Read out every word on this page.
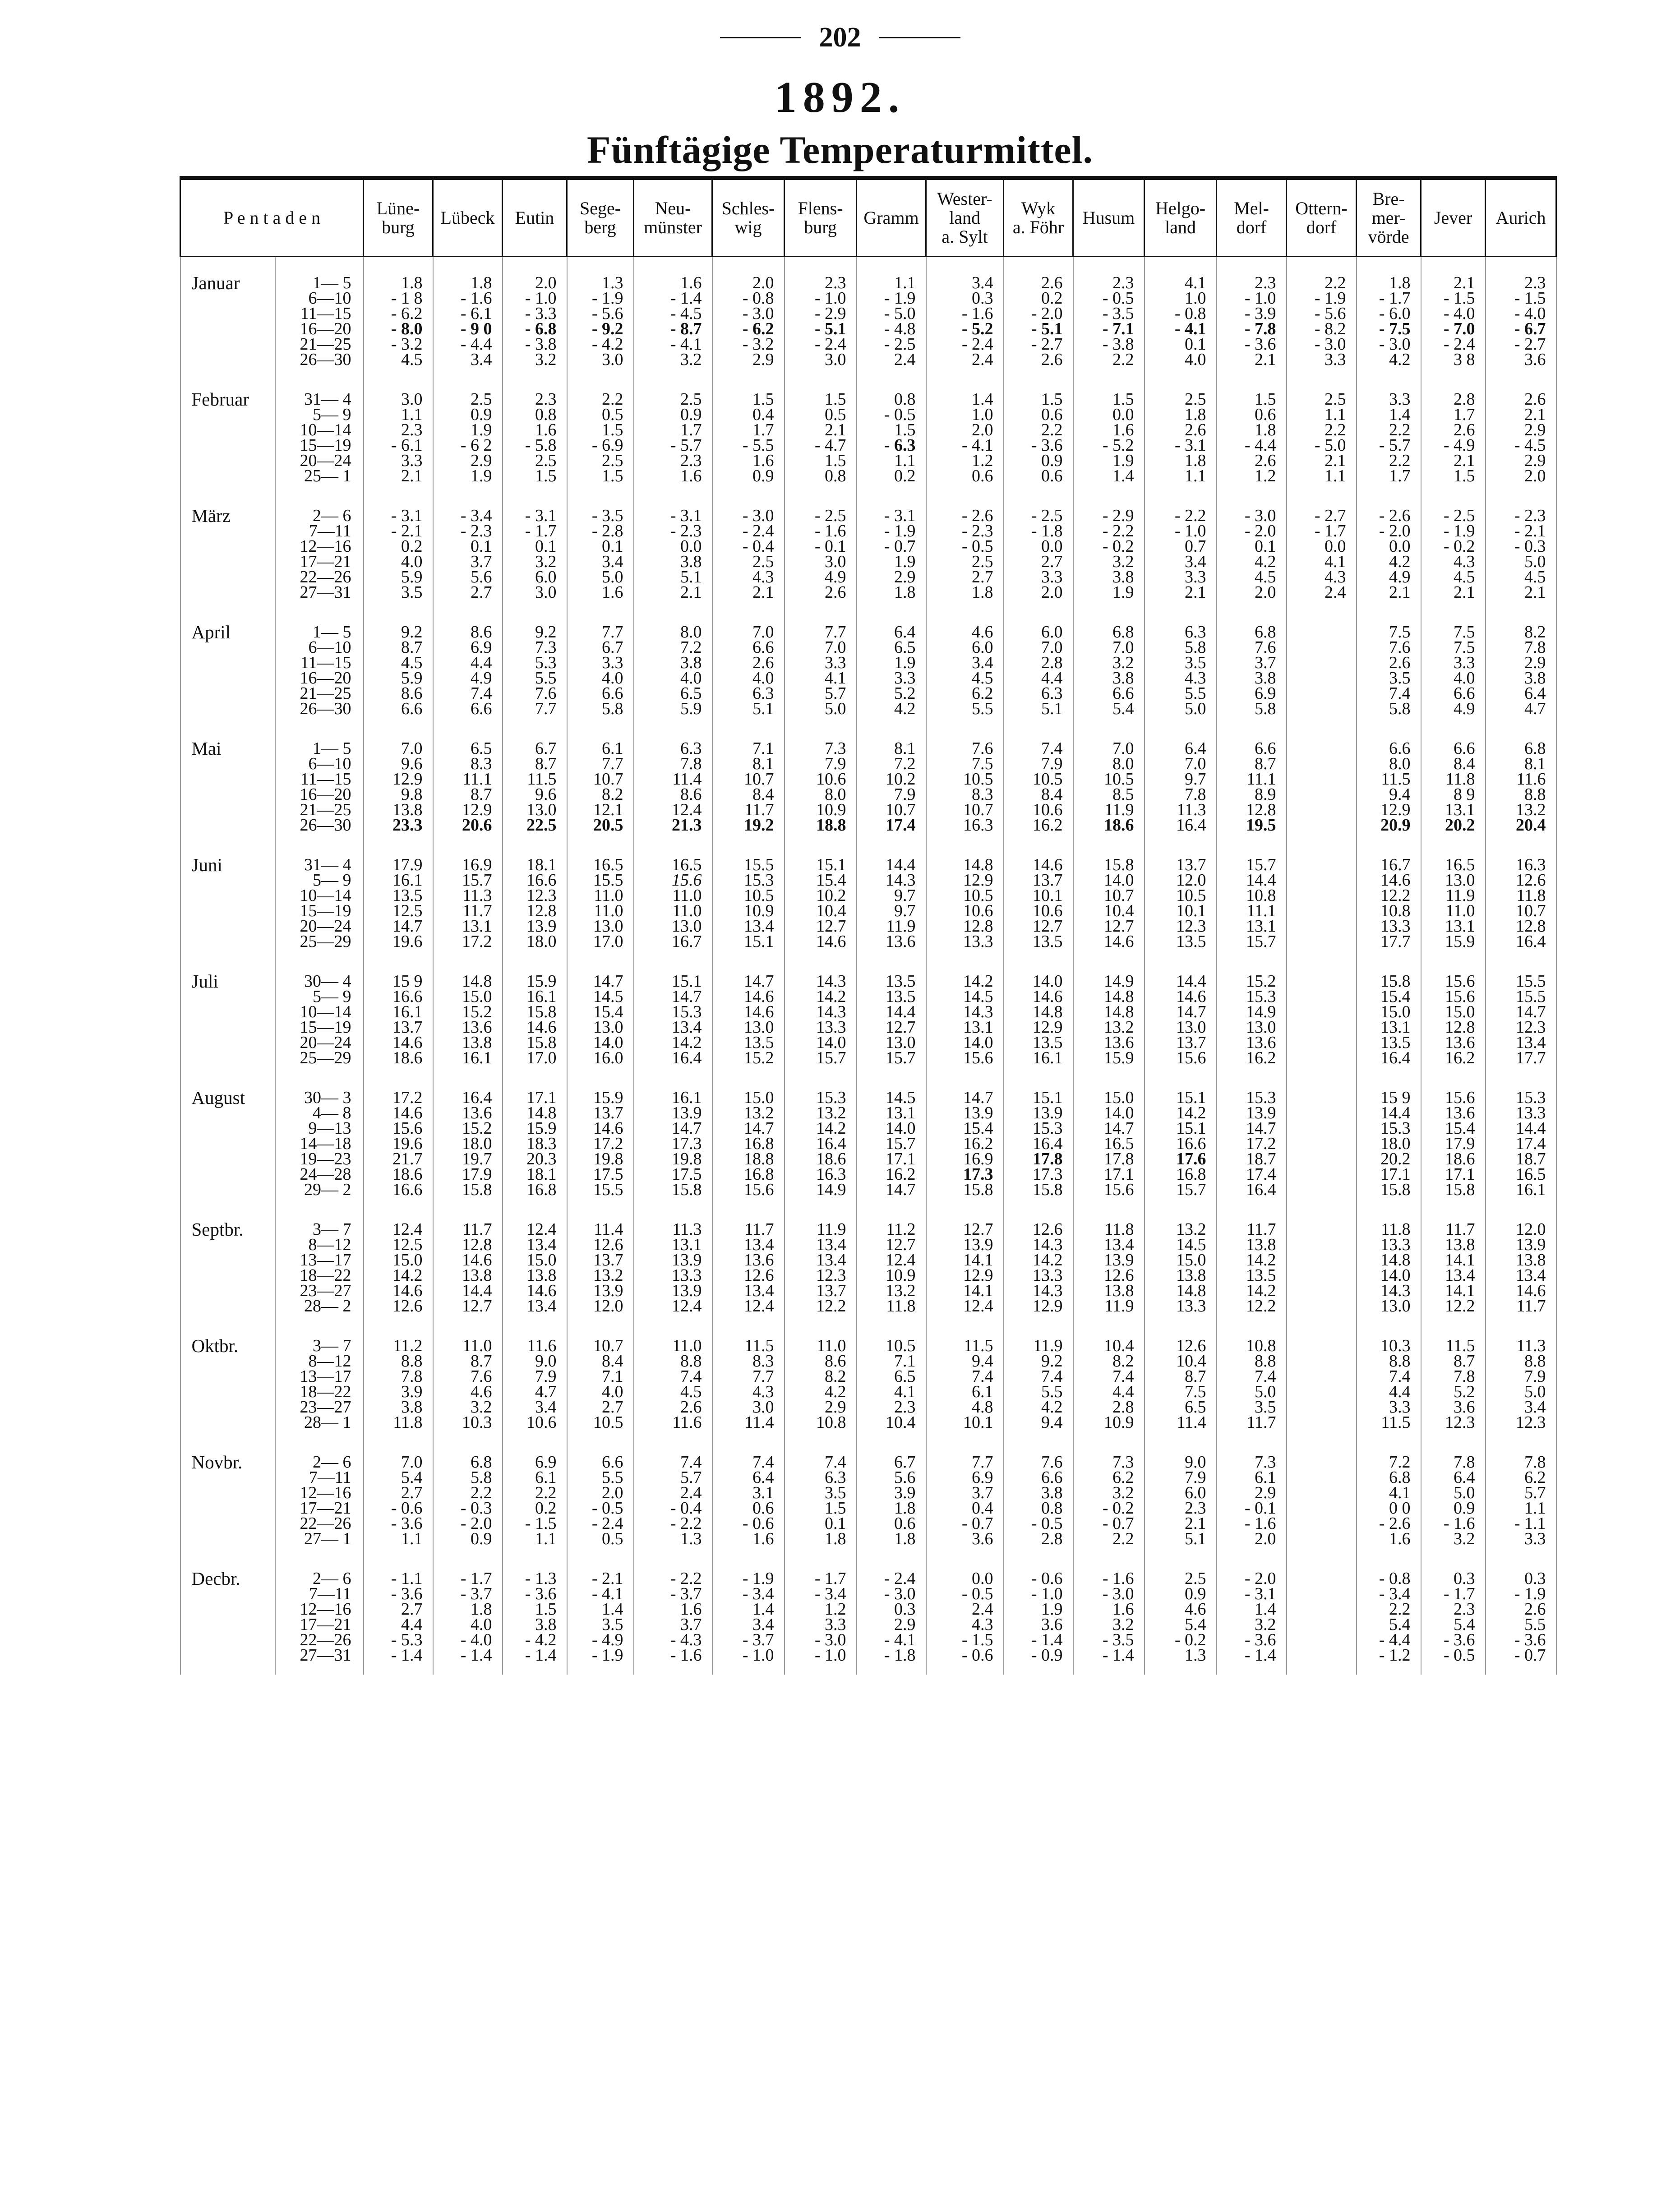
202
1892.
Fünftägige Temperaturmittel.
P e n t a d e n		Lüne-
burg	Lübeck	Eutin	Sege-
berg	Neu-
münster	Schles-
wig	Flens-
burg	Gramm	Wester-
land
a. Sylt	Wyk
a. Föhr	Husum	Helgo-
land	Mel-
dorf	Ottern-
dorf	Bre-
mer-
vörde	Jever	Aurich
Januar	1— 5	1.8	1.8	2.0	1.3	1.6	2.0	2.3	1.1	3.4	2.6	2.3	4.1	2.3	2.2	1.8	2.1	2.3
	6—10	- 1 8	- 1.6	- 1.0	- 1.9	- 1.4	- 0.8	- 1.0	- 1.9	0.3	0.2	- 0.5	1.0	- 1.0	- 1.9	- 1.7	- 1.5	- 1.5
	11—15	- 6.2	- 6.1	- 3.3	- 5.6	- 4.5	- 3.0	- 2.9	- 5.0	- 1.6	- 2.0	- 3.5	- 0.8	- 3.9	- 5.6	- 6.0	- 4.0	- 4.0
	16—20	- 8.0	- 9 0	- 6.8	- 9.2	- 8.7	- 6.2	- 5.1	- 4.8	- 5.2	- 5.1	- 7.1	- 4.1	- 7.8	- 8.2	- 7.5	- 7.0	- 6.7
	21—25	- 3.2	- 4.4	- 3.8	- 4.2	- 4.1	- 3.2	- 2.4	- 2.5	- 2.4	- 2.7	- 3.8	0.1	- 3.6	- 3.0	- 3.0	- 2.4	- 2.7
	26—30	4.5	3.4	3.2	3.0	3.2	2.9	3.0	2.4	2.4	2.6	2.2	4.0	2.1	3.3	4.2	3 8	3.6
Februar	31— 4	3.0	2.5	2.3	2.2	2.5	1.5	1.5	0.8	1.4	1.5	1.5	2.5	1.5	2.5	3.3	2.8	2.6
	5— 9	1.1	0.9	0.8	0.5	0.9	0.4	0.5	- 0.5	1.0	0.6	0.0	1.8	0.6	1.1	1.4	1.7	2.1
	10—14	2.3	1.9	1.6	1.5	1.7	1.7	2.1	1.5	2.0	2.2	1.6	2.6	1.8	2.2	2.2	2.6	2.9
	15—19	- 6.1	- 6 2	- 5.8	- 6.9	- 5.7	- 5.5	- 4.7	- 6.3	- 4.1	- 3.6	- 5.2	- 3.1	- 4.4	- 5.0	- 5.7	- 4.9	- 4.5
	20—24	3.3	2.9	2.5	2.5	2.3	1.6	1.5	1.1	1.2	0.9	1.9	1.8	2.6	2.1	2.2	2.1	2.9
	25— 1	2.1	1.9	1.5	1.5	1.6	0.9	0.8	0.2	0.6	0.6	1.4	1.1	1.2	1.1	1.7	1.5	2.0
März	2— 6	- 3.1	- 3.4	- 3.1	- 3.5	- 3.1	- 3.0	- 2.5	- 3.1	- 2.6	- 2.5	- 2.9	- 2.2	- 3.0	- 2.7	- 2.6	- 2.5	- 2.3
	7—11	- 2.1	- 2.3	- 1.7	- 2.8	- 2.3	- 2.4	- 1.6	- 1.9	- 2.3	- 1.8	- 2.2	- 1.0	- 2.0	- 1.7	- 2.0	- 1.9	- 2.1
	12—16	0.2	0.1	0.1	0.1	0.0	- 0.4	- 0.1	- 0.7	- 0.5	0.0	- 0.2	0.7	0.1	0.0	0.0	- 0.2	- 0.3
	17—21	4.0	3.7	3.2	3.4	3.8	2.5	3.0	1.9	2.5	2.7	3.2	3.4	4.2	4.1	4.2	4.3	5.0
	22—26	5.9	5.6	6.0	5.0	5.1	4.3	4.9	2.9	2.7	3.3	3.8	3.3	4.5	4.3	4.9	4.5	4.5
	27—31	3.5	2.7	3.0	1.6	2.1	2.1	2.6	1.8	1.8	2.0	1.9	2.1	2.0	2.4	2.1	2.1	2.1
April	1— 5	9.2	8.6	9.2	7.7	8.0	7.0	7.7	6.4	4.6	6.0	6.8	6.3	6.8		7.5	7.5	8.2
	6—10	8.7	6.9	7.3	6.7	7.2	6.6	7.0	6.5	6.0	7.0	7.0	5.8	7.6		7.6	7.5	7.8
	11—15	4.5	4.4	5.3	3.3	3.8	2.6	3.3	1.9	3.4	2.8	3.2	3.5	3.7		2.6	3.3	2.9
	16—20	5.9	4.9	5.5	4.0	4.0	4.0	4.1	3.3	4.5	4.4	3.8	4.3	3.8		3.5	4.0	3.8
	21—25	8.6	7.4	7.6	6.6	6.5	6.3	5.7	5.2	6.2	6.3	6.6	5.5	6.9		7.4	6.6	6.4
	26—30	6.6	6.6	7.7	5.8	5.9	5.1	5.0	4.2	5.5	5.1	5.4	5.0	5.8		5.8	4.9	4.7
Mai	1— 5	7.0	6.5	6.7	6.1	6.3	7.1	7.3	8.1	7.6	7.4	7.0	6.4	6.6		6.6	6.6	6.8
	6—10	9.6	8.3	8.7	7.7	7.8	8.1	7.9	7.2	7.5	7.9	8.0	7.0	8.7		8.0	8.4	8.1
	11—15	12.9	11.1	11.5	10.7	11.4	10.7	10.6	10.2	10.5	10.5	10.5	9.7	11.1		11.5	11.8	11.6
	16—20	9.8	8.7	9.6	8.2	8.6	8.4	8.0	7.9	8.3	8.4	8.5	7.8	8.9		9.4	8 9	8.8
	21—25	13.8	12.9	13.0	12.1	12.4	11.7	10.9	10.7	10.7	10.6	11.9	11.3	12.8		12.9	13.1	13.2
	26—30	23.3	20.6	22.5	20.5	21.3	19.2	18.8	17.4	16.3	16.2	18.6	16.4	19.5		20.9	20.2	20.4
Juni	31— 4	17.9	16.9	18.1	16.5	16.5	15.5	15.1	14.4	14.8	14.6	15.8	13.7	15.7		16.7	16.5	16.3
	5— 9	16.1	15.7	16.6	15.5	15.6	15.3	15.4	14.3	12.9	13.7	14.0	12.0	14.4		14.6	13.0	12.6
	10—14	13.5	11.3	12.3	11.0	11.0	10.5	10.2	9.7	10.5	10.1	10.7	10.5	10.8		12.2	11.9	11.8
	15—19	12.5	11.7	12.8	11.0	11.0	10.9	10.4	9.7	10.6	10.6	10.4	10.1	11.1		10.8	11.0	10.7
	20—24	14.7	13.1	13.9	13.0	13.0	13.4	12.7	11.9	12.8	12.7	12.7	12.3	13.1		13.3	13.1	12.8
	25—29	19.6	17.2	18.0	17.0	16.7	15.1	14.6	13.6	13.3	13.5	14.6	13.5	15.7		17.7	15.9	16.4
Juli	30— 4	15 9	14.8	15.9	14.7	15.1	14.7	14.3	13.5	14.2	14.0	14.9	14.4	15.2		15.8	15.6	15.5
	5— 9	16.6	15.0	16.1	14.5	14.7	14.6	14.2	13.5	14.5	14.6	14.8	14.6	15.3		15.4	15.6	15.5
	10—14	16.1	15.2	15.8	15.4	15.3	14.6	14.3	14.4	14.3	14.8	14.8	14.7	14.9		15.0	15.0	14.7
	15—19	13.7	13.6	14.6	13.0	13.4	13.0	13.3	12.7	13.1	12.9	13.2	13.0	13.0		13.1	12.8	12.3
	20—24	14.6	13.8	15.8	14.0	14.2	13.5	14.0	13.0	14.0	13.5	13.6	13.7	13.6		13.5	13.6	13.4
	25—29	18.6	16.1	17.0	16.0	16.4	15.2	15.7	15.7	15.6	16.1	15.9	15.6	16.2		16.4	16.2	17.7
August	30— 3	17.2	16.4	17.1	15.9	16.1	15.0	15.3	14.5	14.7	15.1	15.0	15.1	15.3		15 9	15.6	15.3
	4— 8	14.6	13.6	14.8	13.7	13.9	13.2	13.2	13.1	13.9	13.9	14.0	14.2	13.9		14.4	13.6	13.3
	9—13	15.6	15.2	15.9	14.6	14.7	14.7	14.2	14.0	15.4	15.3	14.7	15.1	14.7		15.3	15.4	14.4
	14—18	19.6	18.0	18.3	17.2	17.3	16.8	16.4	15.7	16.2	16.4	16.5	16.6	17.2		18.0	17.9	17.4
	19—23	21.7	19.7	20.3	19.8	19.8	18.8	18.6	17.1	16.9	17.8	17.8	17.6	18.7		20.2	18.6	18.7
	24—28	18.6	17.9	18.1	17.5	17.5	16.8	16.3	16.2	17.3	17.3	17.1	16.8	17.4		17.1	17.1	16.5
	29— 2	16.6	15.8	16.8	15.5	15.8	15.6	14.9	14.7	15.8	15.8	15.6	15.7	16.4		15.8	15.8	16.1
Septbr.	3— 7	12.4	11.7	12.4	11.4	11.3	11.7	11.9	11.2	12.7	12.6	11.8	13.2	11.7		11.8	11.7	12.0
	8—12	12.5	12.8	13.4	12.6	13.1	13.4	13.4	12.7	13.9	14.3	13.4	14.5	13.8		13.3	13.8	13.9
	13—17	15.0	14.6	15.0	13.7	13.9	13.6	13.4	12.4	14.1	14.2	13.9	15.0	14.2		14.8	14.1	13.8
	18—22	14.2	13.8	13.8	13.2	13.3	12.6	12.3	10.9	12.9	13.3	12.6	13.8	13.5		14.0	13.4	13.4
	23—27	14.6	14.4	14.6	13.9	13.9	13.4	13.7	13.2	14.1	14.3	13.8	14.8	14.2		14.3	14.1	14.6
	28— 2	12.6	12.7	13.4	12.0	12.4	12.4	12.2	11.8	12.4	12.9	11.9	13.3	12.2		13.0	12.2	11.7
Oktbr.	3— 7	11.2	11.0	11.6	10.7	11.0	11.5	11.0	10.5	11.5	11.9	10.4	12.6	10.8		10.3	11.5	11.3
	8—12	8.8	8.7	9.0	8.4	8.8	8.3	8.6	7.1	9.4	9.2	8.2	10.4	8.8		8.8	8.7	8.8
	13—17	7.8	7.6	7.9	7.1	7.4	7.7	8.2	6.5	7.4	7.4	7.4	8.7	7.4		7.4	7.8	7.9
	18—22	3.9	4.6	4.7	4.0	4.5	4.3	4.2	4.1	6.1	5.5	4.4	7.5	5.0		4.4	5.2	5.0
	23—27	3.8	3.2	3.4	2.7	2.6	3.0	2.9	2.3	4.8	4.2	2.8	6.5	3.5		3.3	3.6	3.4
	28— 1	11.8	10.3	10.6	10.5	11.6	11.4	10.8	10.4	10.1	9.4	10.9	11.4	11.7		11.5	12.3	12.3
Novbr.	2— 6	7.0	6.8	6.9	6.6	7.4	7.4	7.4	6.7	7.7	7.6	7.3	9.0	7.3		7.2	7.8	7.8
	7—11	5.4	5.8	6.1	5.5	5.7	6.4	6.3	5.6	6.9	6.6	6.2	7.9	6.1		6.8	6.4	6.2
	12—16	2.7	2.2	2.2	2.0	2.4	3.1	3.5	3.9	3.7	3.8	3.2	6.0	2.9		4.1	5.0	5.7
	17—21	- 0.6	- 0.3	0.2	- 0.5	- 0.4	0.6	1.5	1.8	0.4	0.8	- 0.2	2.3	- 0.1		0 0	0.9	1.1
	22—26	- 3.6	- 2.0	- 1.5	- 2.4	- 2.2	- 0.6	0.1	0.6	- 0.7	- 0.5	- 0.7	2.1	- 1.6		- 2.6	- 1.6	- 1.1
	27— 1	1.1	0.9	1.1	0.5	1.3	1.6	1.8	1.8	3.6	2.8	2.2	5.1	2.0		1.6	3.2	3.3
Decbr.	2— 6	- 1.1	- 1.7	- 1.3	- 2.1	- 2.2	- 1.9	- 1.7	- 2.4	0.0	- 0.6	- 1.6	2.5	- 2.0		- 0.8	0.3	0.3
	7—11	- 3.6	- 3.7	- 3.6	- 4.1	- 3.7	- 3.4	- 3.4	- 3.0	- 0.5	- 1.0	- 3.0	0.9	- 3.1		- 3.4	- 1.7	- 1.9
	12—16	2.7	1.8	1.5	1.4	1.6	1.4	1.2	0.3	2.4	1.9	1.6	4.6	1.4		2.2	2.3	2.6
	17—21	4.4	4.0	3.8	3.5	3.7	3.4	3.3	2.9	4.3	3.6	3.2	5.4	3.2		5.4	5.4	5.5
	22—26	- 5.3	- 4.0	- 4.2	- 4.9	- 4.3	- 3.7	- 3.0	- 4.1	- 1.5	- 1.4	- 3.5	- 0.2	- 3.6		- 4.4	- 3.6	- 3.6
	27—31	- 1.4	- 1.4	- 1.4	- 1.9	- 1.6	- 1.0	- 1.0	- 1.8	- 0.6	- 0.9	- 1.4	1.3	- 1.4		- 1.2	- 0.5	- 0.7
